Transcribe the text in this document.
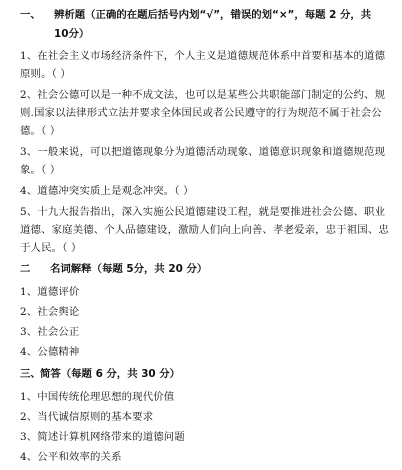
一、 辨析题（正确的在题后括号内划“√”，错误的划“×”，每题 2 分，共
10分）
1、在社会主义市场经济条件下，个人主义是道德规范体系中首要和基本的道德
原则。（ ）
2、社会公德可以是一种不成文法，也可以是某些公共职能部门制定的公约、规
则.国家以法律形式立法并要求全体国民或者公民遵守的行为规范不属于社会公
德。（ ）
3、一般来说，可以把道德现象分为道德活动现象、道德意识现象和道德规范现
象。（ ）
4、道德冲突实质上是观念冲突。（ ）
5、十九大报告指出，深入实施公民道德建设工程，就是要推进社会公德、职业
道德、家庭美德、个人品德建设，激励人们向上向善、孝老爱亲，忠于祖国、忠
于人民。（ ）
二 名词解释（每题 5分，共 20 分）
1、道德评价
2、社会舆论
3、社会公正
4、公德精神
三、简答（每题 6 分，共 30 分）
1、中国传统伦理思想的现代价值
2、当代诚信原则的基本要求
3、简述计算机网络带来的道德问题
4、公平和效率的关系
